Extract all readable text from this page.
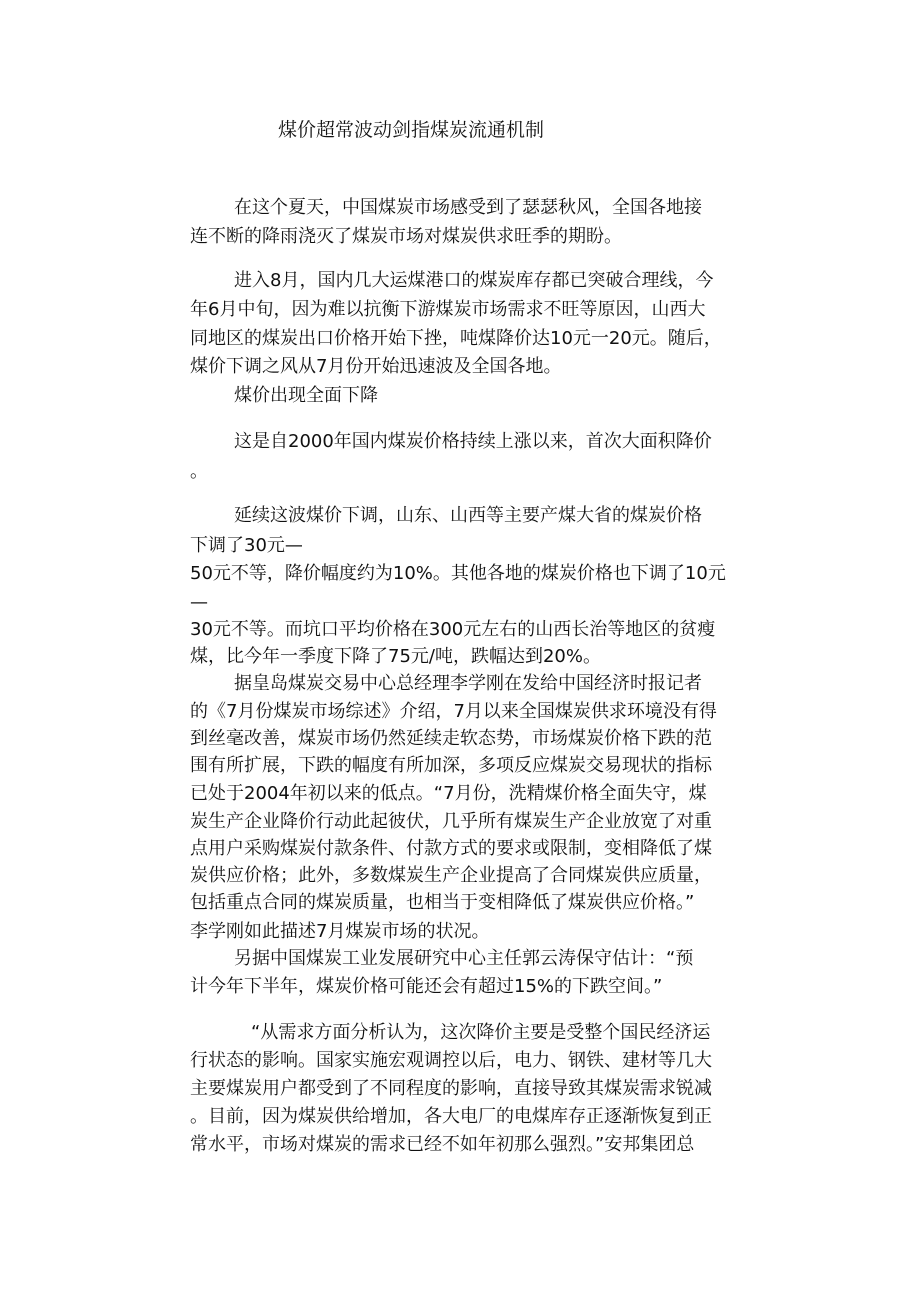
煤价超常波动剑指煤炭流通机制
在这个夏天，中国煤炭市场感受到了瑟瑟秋风，全国各地接
连不断的降雨浇灭了煤炭市场对煤炭供求旺季的期盼。
进入8月，国内几大运煤港口的煤炭库存都已突破合理线，今
年6月中旬，因为难以抗衡下游煤炭市场需求不旺等原因，山西大
同地区的煤炭出口价格开始下挫，吨煤降价达10元一20元。随后，
煤价下调之风从7月份开始迅速波及全国各地。
煤价出现全面下降
这是自2000年国内煤炭价格持续上涨以来，首次大面积降价
。
延续这波煤价下调，山东、山西等主要产煤大省的煤炭价格
下调了30元—
50元不等，降价幅度约为10%。其他各地的煤炭价格也下调了10元
—
30元不等。而坑口平均价格在300元左右的山西长治等地区的贫瘦
煤，比今年一季度下降了75元/吨，跌幅达到20%。
据皇岛煤炭交易中心总经理李学刚在发给中国经济时报记者
的《7月份煤炭市场综述》介绍，7月以来全国煤炭供求环境没有得
到丝毫改善，煤炭市场仍然延续走软态势，市场煤炭价格下跌的范
围有所扩展，下跌的幅度有所加深，多项反应煤炭交易现状的指标
已处于2004年初以来的低点。“7月份，洗精煤价格全面失守，煤
炭生产企业降价行动此起彼伏，几乎所有煤炭生产企业放宽了对重
点用户采购煤炭付款条件、付款方式的要求或限制，变相降低了煤
炭供应价格；此外，多数煤炭生产企业提高了合同煤炭供应质量，
包括重点合同的煤炭质量，也相当于变相降低了煤炭供应价格。”
李学刚如此描述7月煤炭市场的状况。
另据中国煤炭工业发展研究中心主任郭云涛保守估计：“预
计今年下半年，煤炭价格可能还会有超过15%的下跌空间。”
“从需求方面分析认为，这次降价主要是受整个国民经济运
行状态的影响。国家实施宏观调控以后，电力、钢铁、建材等几大
主要煤炭用户都受到了不同程度的影响，直接导致其煤炭需求锐减
。目前，因为煤炭供给增加，各大电厂的电煤库存正逐渐恢复到正
常水平，市场对煤炭的需求已经不如年初那么强烈。”安邦集团总
